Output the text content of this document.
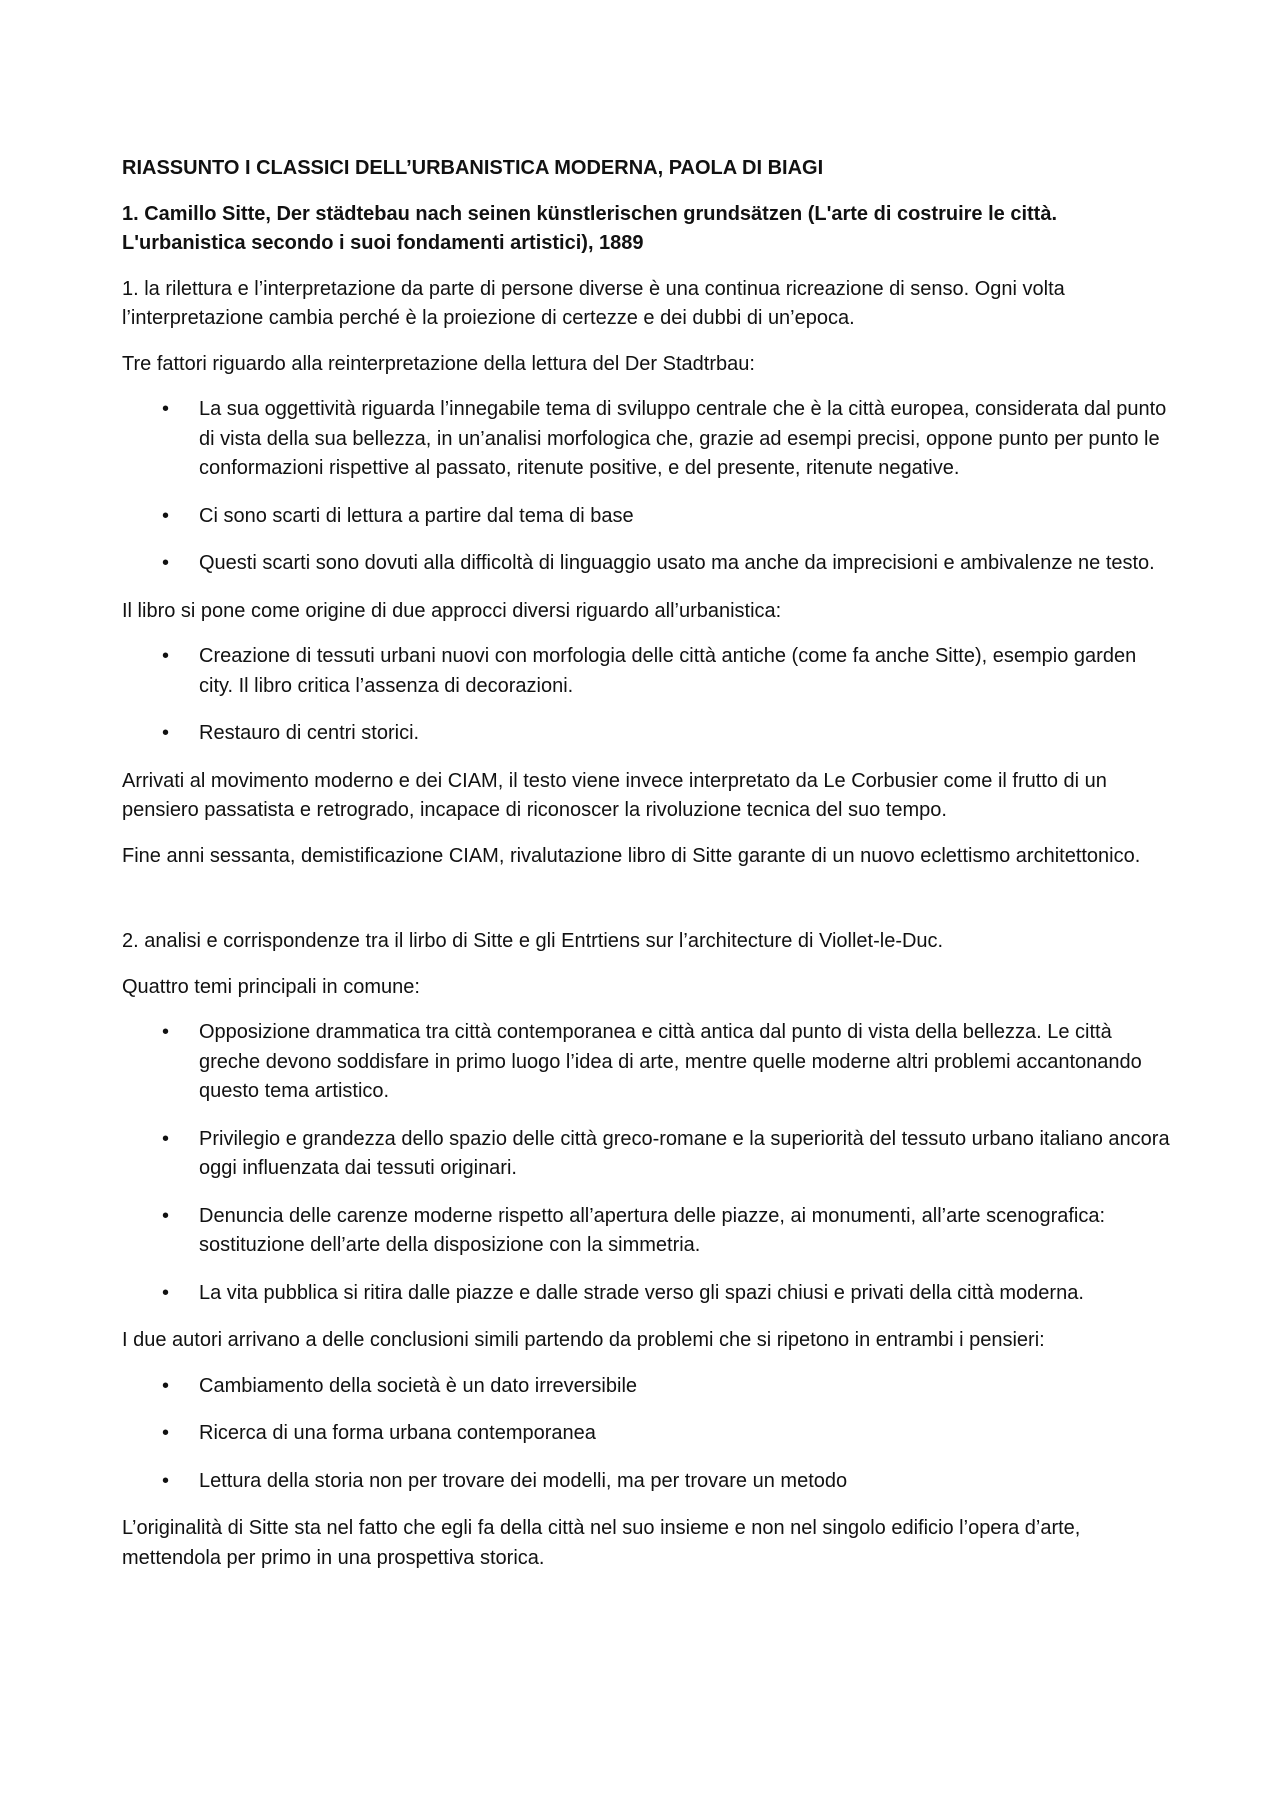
RIASSUNTO I CLASSICI DELL’URBANISTICA MODERNA, PAOLA DI BIAGI
1. Camillo Sitte, Der städtebau nach seinen künstlerischen grundsätzen (L'arte di costruire le città. L'urbanistica secondo i suoi fondamenti artistici), 1889

1. la rilettura e l’interpretazione da parte di persone diverse è una continua ricreazione di senso. Ogni volta l’interpretazione cambia perché è la proiezione di certezze e dei dubbi di un’epoca.

Tre fattori riguardo alla reinterpretazione della lettura del Der Stadtrbau:

• La sua oggettività riguarda l’innegabile tema di sviluppo centrale che è la città europea, considerata dal punto di vista della sua bellezza, in un’analisi morfologica che, grazie ad esempi precisi, oppone punto per punto le conformazioni rispettive al passato, ritenute positive, e del presente, ritenute negative.
• Ci sono scarti di lettura a partire dal tema di base
• Questi scarti sono dovuti alla difficoltà di linguaggio usato ma anche da imprecisioni e ambivalenze ne testo.

Il libro si pone come origine di due approcci diversi riguardo all’urbanistica:

• Creazione di tessuti urbani nuovi con morfologia delle città antiche (come fa anche Sitte), esempio garden city. Il libro critica l’assenza di decorazioni.
• Restauro di centri storici.

Arrivati al movimento moderno e dei CIAM, il testo viene invece interpretato da Le Corbusier come il frutto di un pensiero passatista e retrogrado, incapace di riconoscer la rivoluzione tecnica del suo tempo.

Fine anni sessanta, demistificazione CIAM, rivalutazione libro di Sitte garante di un nuovo eclettismo architettonico.

2. analisi e corrispondenze tra il lirbo di Sitte e gli Entrtiens sur l’architecture di Viollet-le-Duc.

Quattro temi principali in comune:

• Opposizione drammatica tra città contemporanea e città antica dal punto di vista della bellezza. Le città greche devono soddisfare in primo luogo l’idea di arte, mentre quelle moderne altri problemi accantonando questo tema artistico.
• Privilegio e grandezza dello spazio delle città greco-romane e la superiorità del tessuto urbano italiano ancora oggi influenzata dai tessuti originari.
• Denuncia delle carenze moderne rispetto all’apertura delle piazze, ai monumenti, all’arte scenografica: sostituzione dell’arte della disposizione con la simmetria.
• La vita pubblica si ritira dalle piazze e dalle strade verso gli spazi chiusi e privati della città moderna.

I due autori arrivano a delle conclusioni simili partendo da problemi che si ripetono in entrambi i pensieri:

• Cambiamento della società è un dato irreversibile
• Ricerca di una forma urbana contemporanea
• Lettura della storia non per trovare dei modelli, ma per trovare un metodo

L’originalità di Sitte sta nel fatto che egli fa della città nel suo insieme e non nel singolo edificio l’opera d’arte, mettendola per primo in una prospettiva storica.
